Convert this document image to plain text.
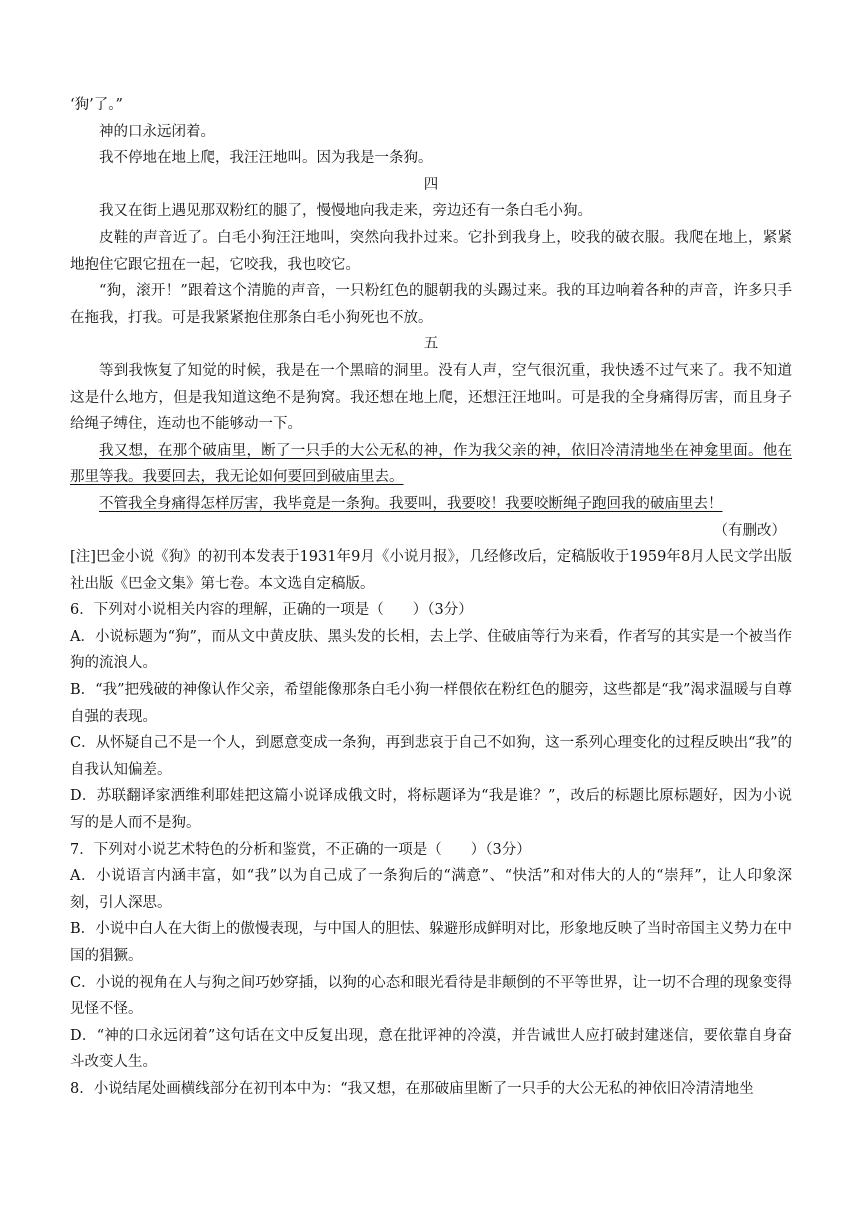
‘狗’了。”

神的口永远闭着。

我不停地在地上爬，我汪汪地叫。因为我是一条狗。

四

我又在街上遇见那双粉红的腿了，慢慢地向我走来，旁边还有一条白毛小狗。

皮鞋的声音近了。白毛小狗汪汪地叫，突然向我扑过来。它扑到我身上，咬我的破衣服。我爬在地上，紧紧地抱住它跟它扭在一起，它咬我，我也咬它。

“狗，滚开！”跟着这个清脆的声音，一只粉红色的腿朝我的头踢过来。我的耳边响着各种的声音，许多只手在拖我，打我。可是我紧紧抱住那条白毛小狗死也不放。

五

等到我恢复了知觉的时候，我是在一个黑暗的洞里。没有人声，空气很沉重，我快透不过气来了。我不知道这是什么地方，但是我知道这绝不是狗窝。我还想在地上爬，还想汪汪地叫。可是我的全身痛得厉害，而且身子给绳子缚住，连动也不能够动一下。

我又想，在那个破庙里，断了一只手的大公无私的神，作为我父亲的神，依旧冷清清地坐在神龛里面。他在那里等我。我要回去，我无论如何要回到破庙里去。

不管我全身痛得怎样厉害，我毕竟是一条狗。我要叫，我要咬！我要咬断绳子跑回我的破庙里去！

（有删改）

[注]巴金小说《狗》的初刊本发表于1931年9月《小说月报》，几经修改后，定稿版收于1959年8月人民文学出版社出版《巴金文集》第七卷。本文选自定稿版。

6．下列对小说相关内容的理解，正确的一项是（　　）（3分）

A．小说标题为“狗”，而从文中黄皮肤、黑头发的长相，去上学、住破庙等行为来看，作者写的其实是一个被当作狗的流浪人。

B．“我”把残破的神像认作父亲，希望能像那条白毛小狗一样偎依在粉红色的腿旁，这些都是“我”渴求温暖与自尊自强的表现。

C．从怀疑自己不是一个人，到愿意变成一条狗，再到悲哀于自己不如狗，这一系列心理变化的过程反映出“我”的自我认知偏差。

D．苏联翻译家洒维利耶娃把这篇小说译成俄文时，将标题译为“我是谁？”，改后的标题比原标题好，因为小说写的是人而不是狗。

7．下列对小说艺术特色的分析和鉴赏，不正确的一项是（　　）（3分）

A．小说语言内涵丰富，如“我”以为自己成了一条狗后的“满意”、“快活”和对伟大的人的“崇拜”，让人印象深刻，引人深思。

B．小说中白人在大街上的傲慢表现，与中国人的胆怯、躲避形成鲜明对比，形象地反映了当时帝国主义势力在中国的猖獗。

C．小说的视角在人与狗之间巧妙穿插，以狗的心态和眼光看待是非颠倒的不平等世界，让一切不合理的现象变得见怪不怪。

D．“神的口永远闭着”这句话在文中反复出现，意在批评神的冷漠，并告诫世人应打破封建迷信，要依靠自身奋斗改变人生。

8．小说结尾处画横线部分在初刊本中为：“我又想，在那破庙里断了一只手的大公无私的神依旧冷清清地坐
